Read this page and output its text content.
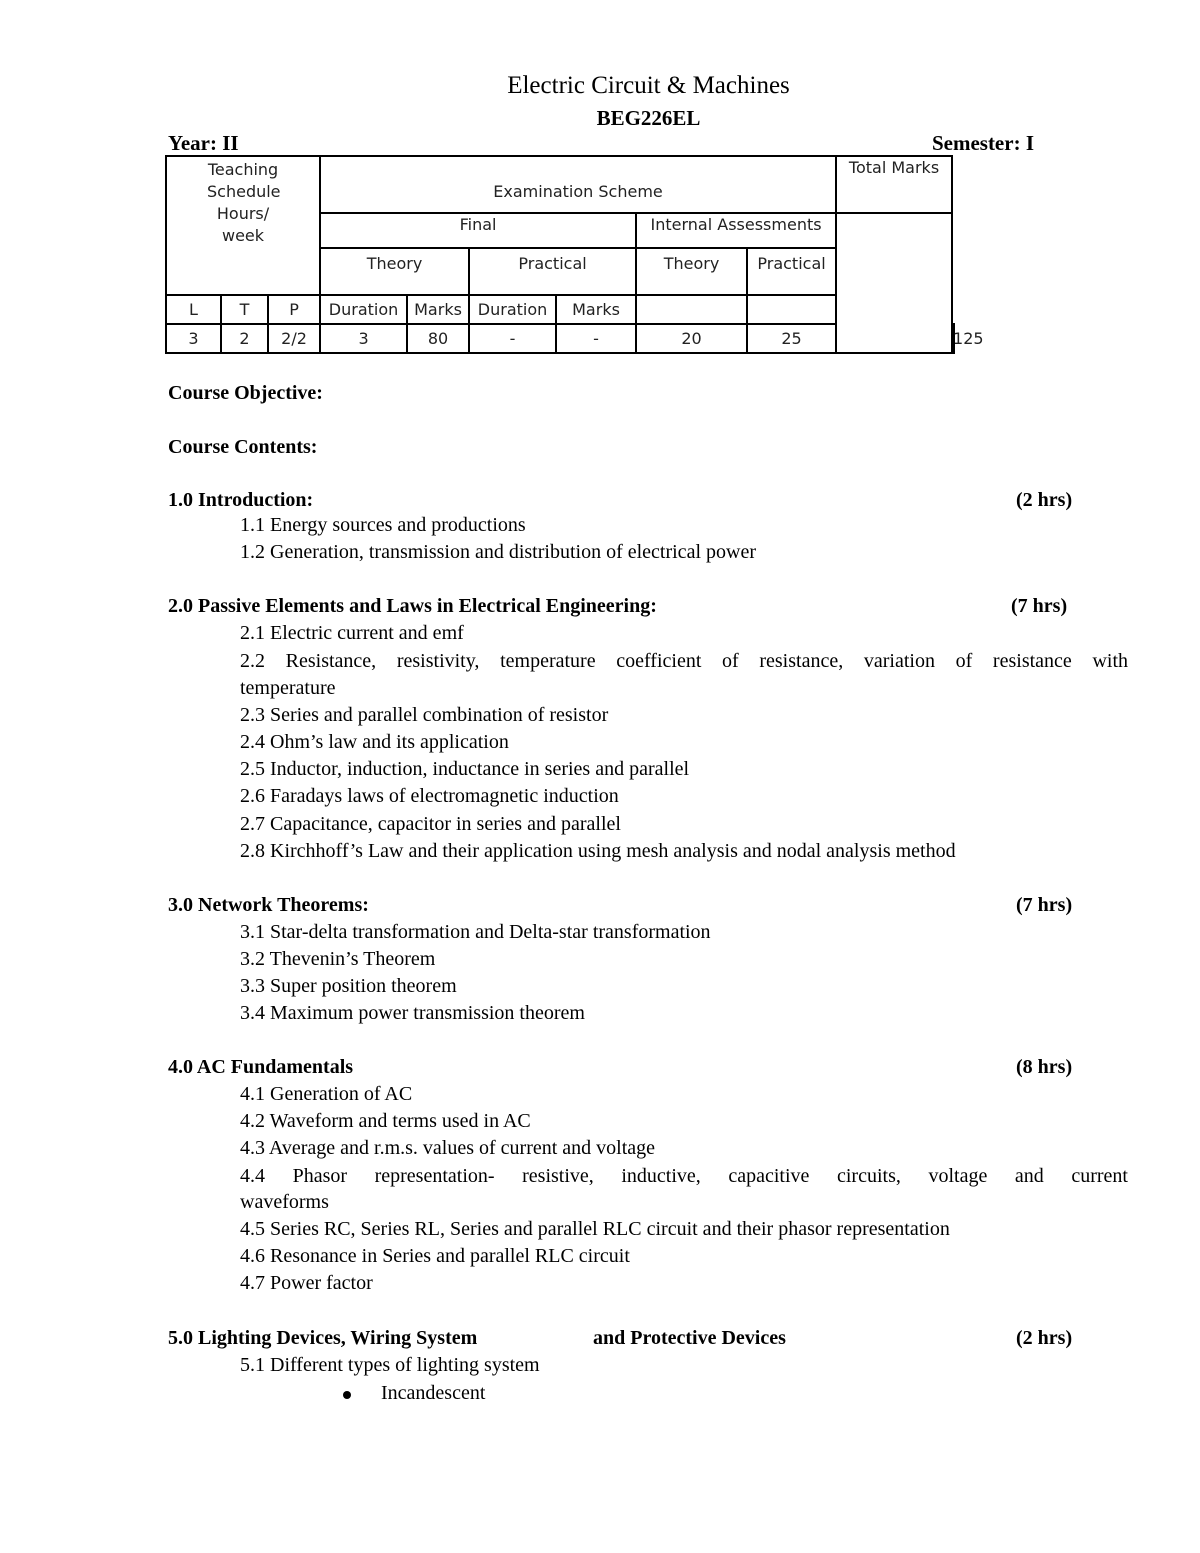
Electric Circuit & Machines
BEG226EL
Year: II	Semester: I
Teaching Schedule Hours/ week			Examination Scheme						Total Marks	
			Final				Internal Assessments			
			Theory		Practical		Theory	Practical		
L	T	P	Duration	Marks	Duration	Marks				
3	2	2/2	3	80	-	-	20	25		125
Course Objective:
Course Contents:
1.0 Introduction:	(2 hrs)
1.1 Energy sources and productions
1.2 Generation, transmission and distribution of electrical power
2.0 Passive Elements and Laws in Electrical Engineering:	(7 hrs)
2.1 Electric current and emf
2.2 Resistance, resistivity, temperature coefficient of resistance, variation of resistance with
temperature
2.3 Series and parallel combination of resistor
2.4 Ohm’s law and its application
2.5 Inductor, induction, inductance in series and parallel
2.6 Faradays laws of electromagnetic induction
2.7 Capacitance, capacitor in series and parallel
2.8 Kirchhoff’s Law and their application using mesh analysis and nodal analysis method
3.0 Network Theorems:	(7 hrs)
3.1 Star-delta transformation and Delta-star transformation
3.2 Thevenin’s Theorem
3.3 Super position theorem
3.4 Maximum power transmission theorem
4.0 AC Fundamentals	(8 hrs)
4.1 Generation of AC
4.2 Waveform and terms used in AC
4.3 Average and r.m.s. values of current and voltage
4.4 Phasor representation- resistive, inductive, capacitive circuits, voltage and current
waveforms
4.5 Series RC, Series RL, Series and parallel RLC circuit and their phasor representation
4.6 Resonance in Series and parallel RLC circuit
4.7 Power factor
5.0 Lighting Devices, Wiring System	and Protective Devices	(2 hrs)
5.1 Different types of lighting system
Incandescent
